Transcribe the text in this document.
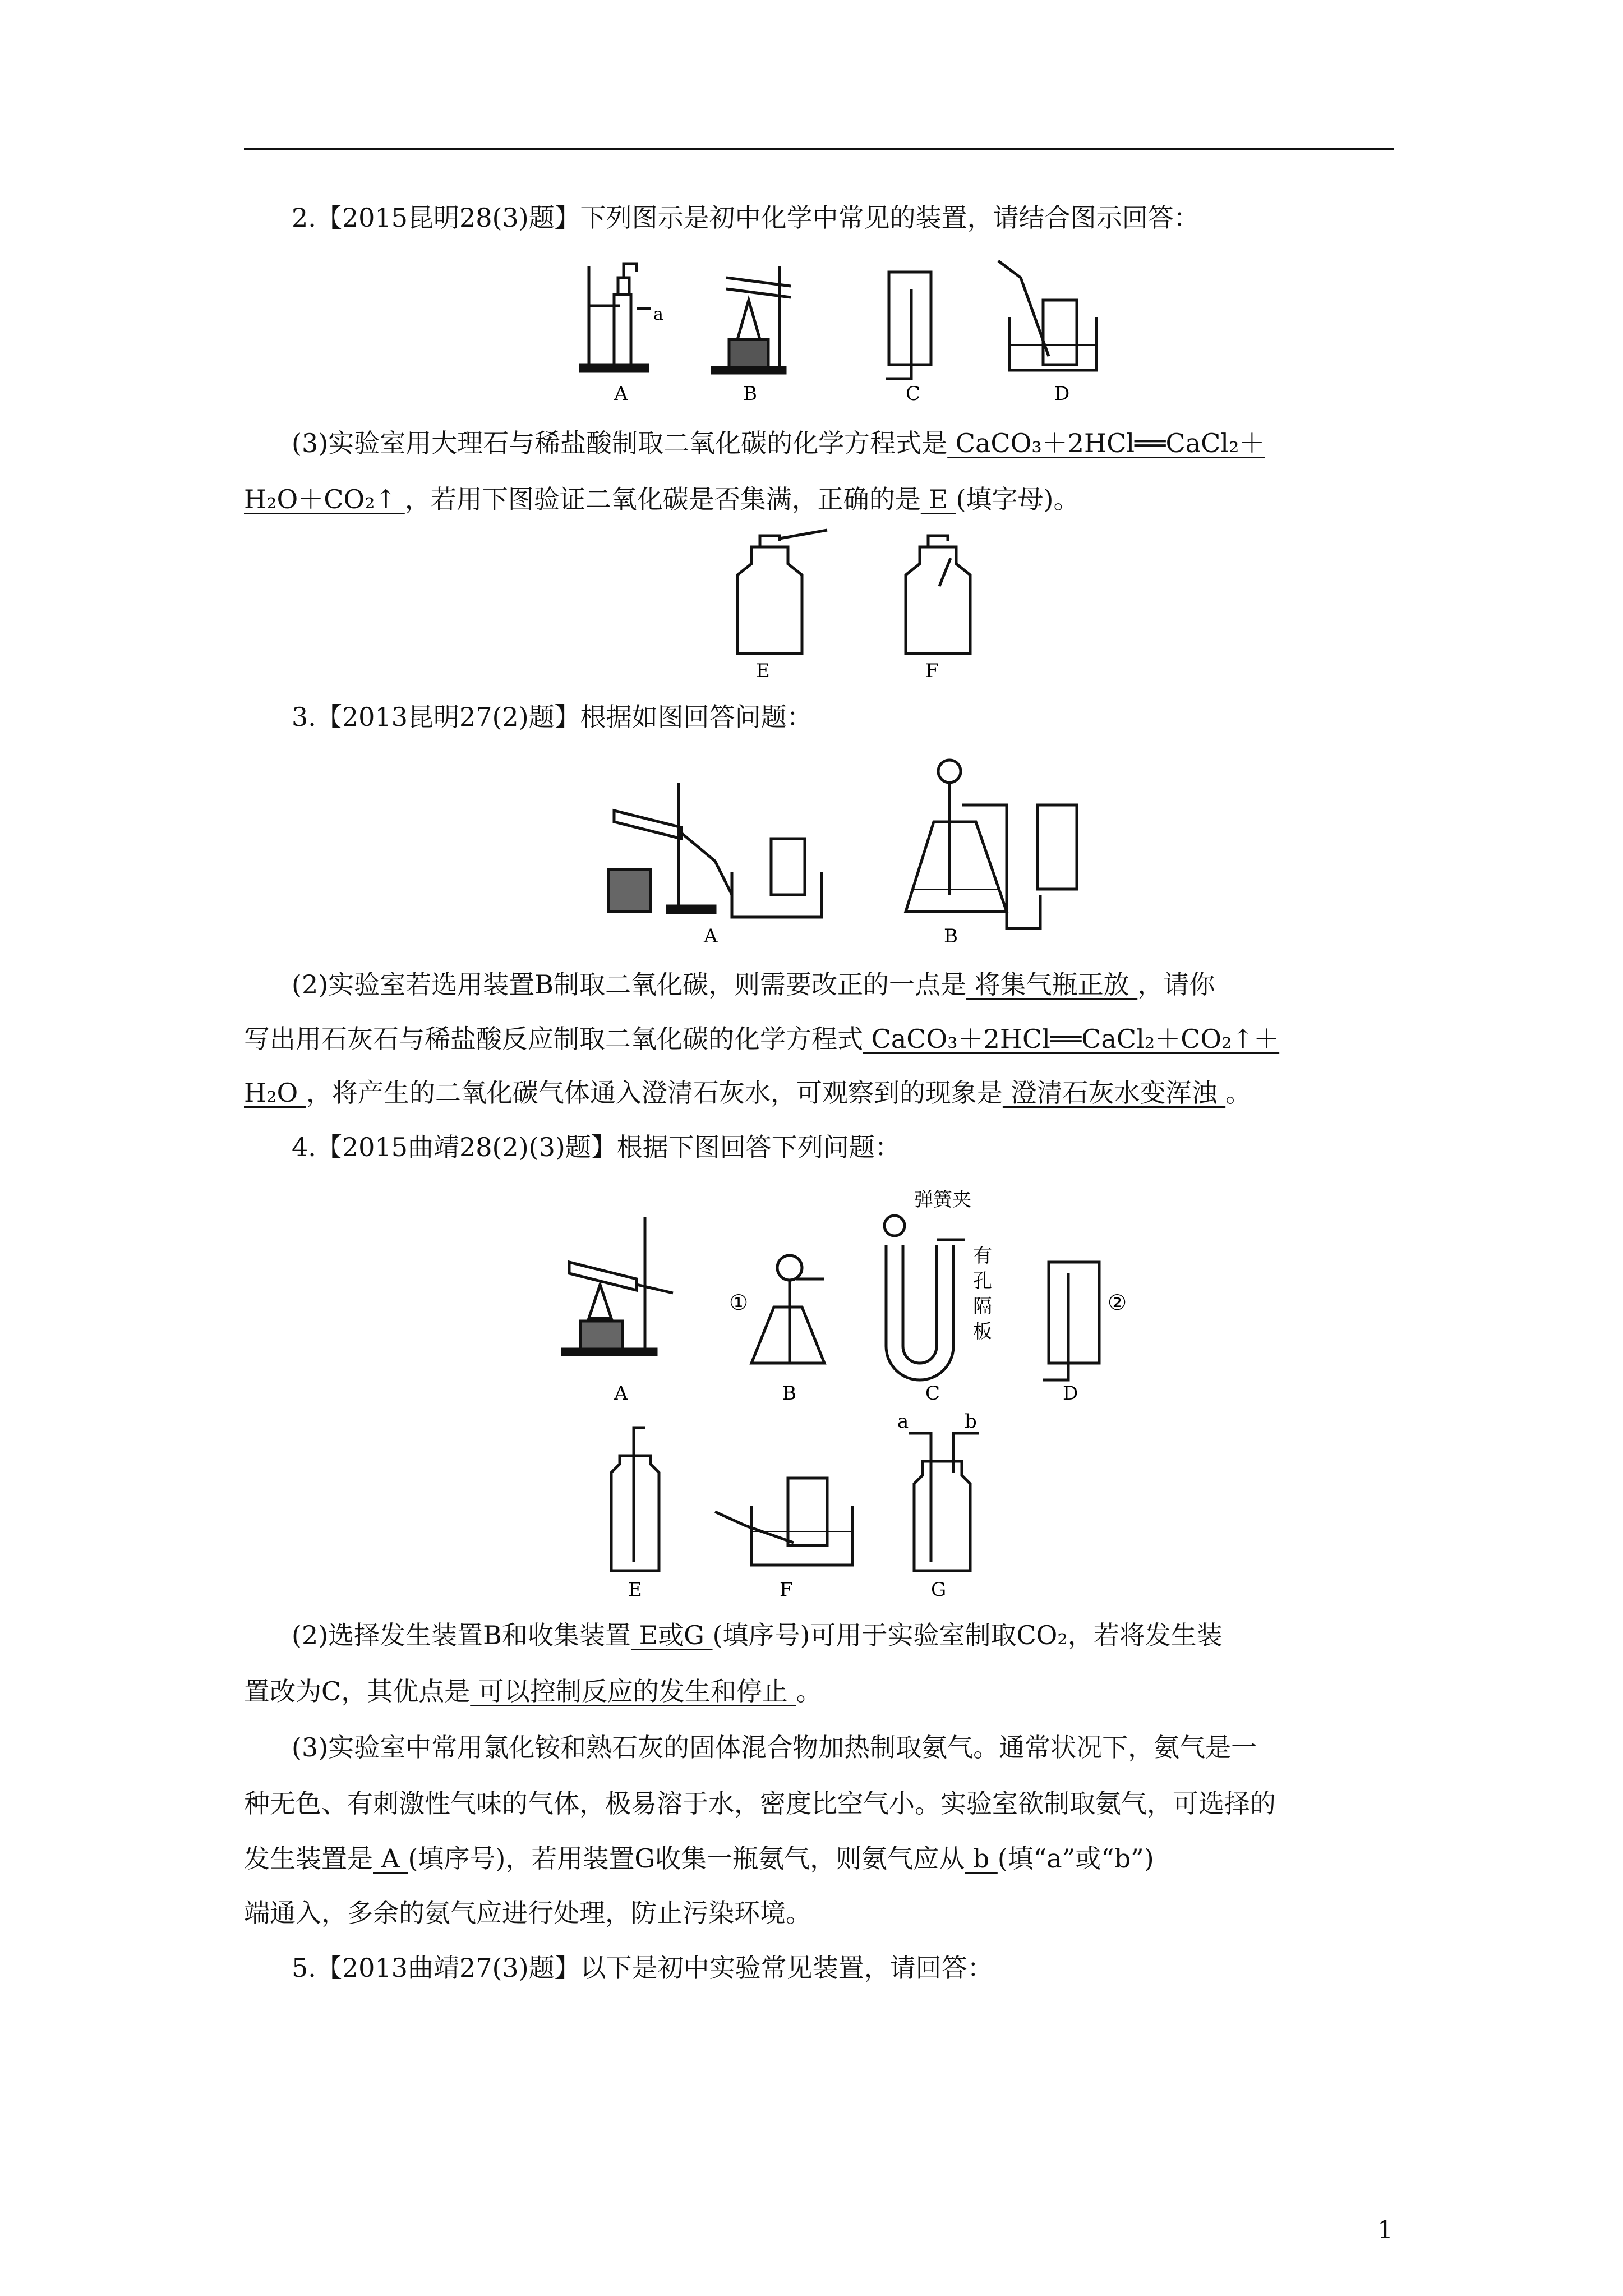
2.【2015昆明28(3)题】下列图示是初中化学中常见的装置，请结合图示回答：
a
A	B	C	D
(3)实验室用大理石与稀盐酸制取二氧化碳的化学方程式是 CaCO₃＋2HCl══CaCl₂＋
H₂O＋CO₂↑ ，若用下图验证二氧化碳是否集满，正确的是 E (填字母)。
E	F
3.【2013昆明27(2)题】根据如图回答问题：
A	B
(2)实验室若选用装置B制取二氧化碳，则需要改正的一点是 将集气瓶正放 ，请你
写出用石灰石与稀盐酸反应制取二氧化碳的化学方程式 CaCO₃＋2HCl══CaCl₂＋CO₂↑＋
H₂O ，将产生的二氧化碳气体通入澄清石灰水，可观察到的现象是 澄清石灰水变浑浊 。
4.【2015曲靖28(2)(3)题】根据下图回答下列问题：
①	②
弹簧夹
有
孔
隔
板
A	B	C	D
E	F	G
a	b
(2)选择发生装置B和收集装置 E或G (填序号)可用于实验室制取CO₂，若将发生装
置改为C，其优点是 可以控制反应的发生和停止 。
(3)实验室中常用氯化铵和熟石灰的固体混合物加热制取氨气。通常状况下，氨气是一
种无色、有刺激性气味的气体，极易溶于水，密度比空气小。实验室欲制取氨气，可选择的
发生装置是 A (填序号)，若用装置G收集一瓶氨气，则氨气应从 b (填“a”或“b”)
端通入，多余的氨气应进行处理，防止污染环境。
5.【2013曲靖27(3)题】以下是初中实验常见装置，请回答：
1
